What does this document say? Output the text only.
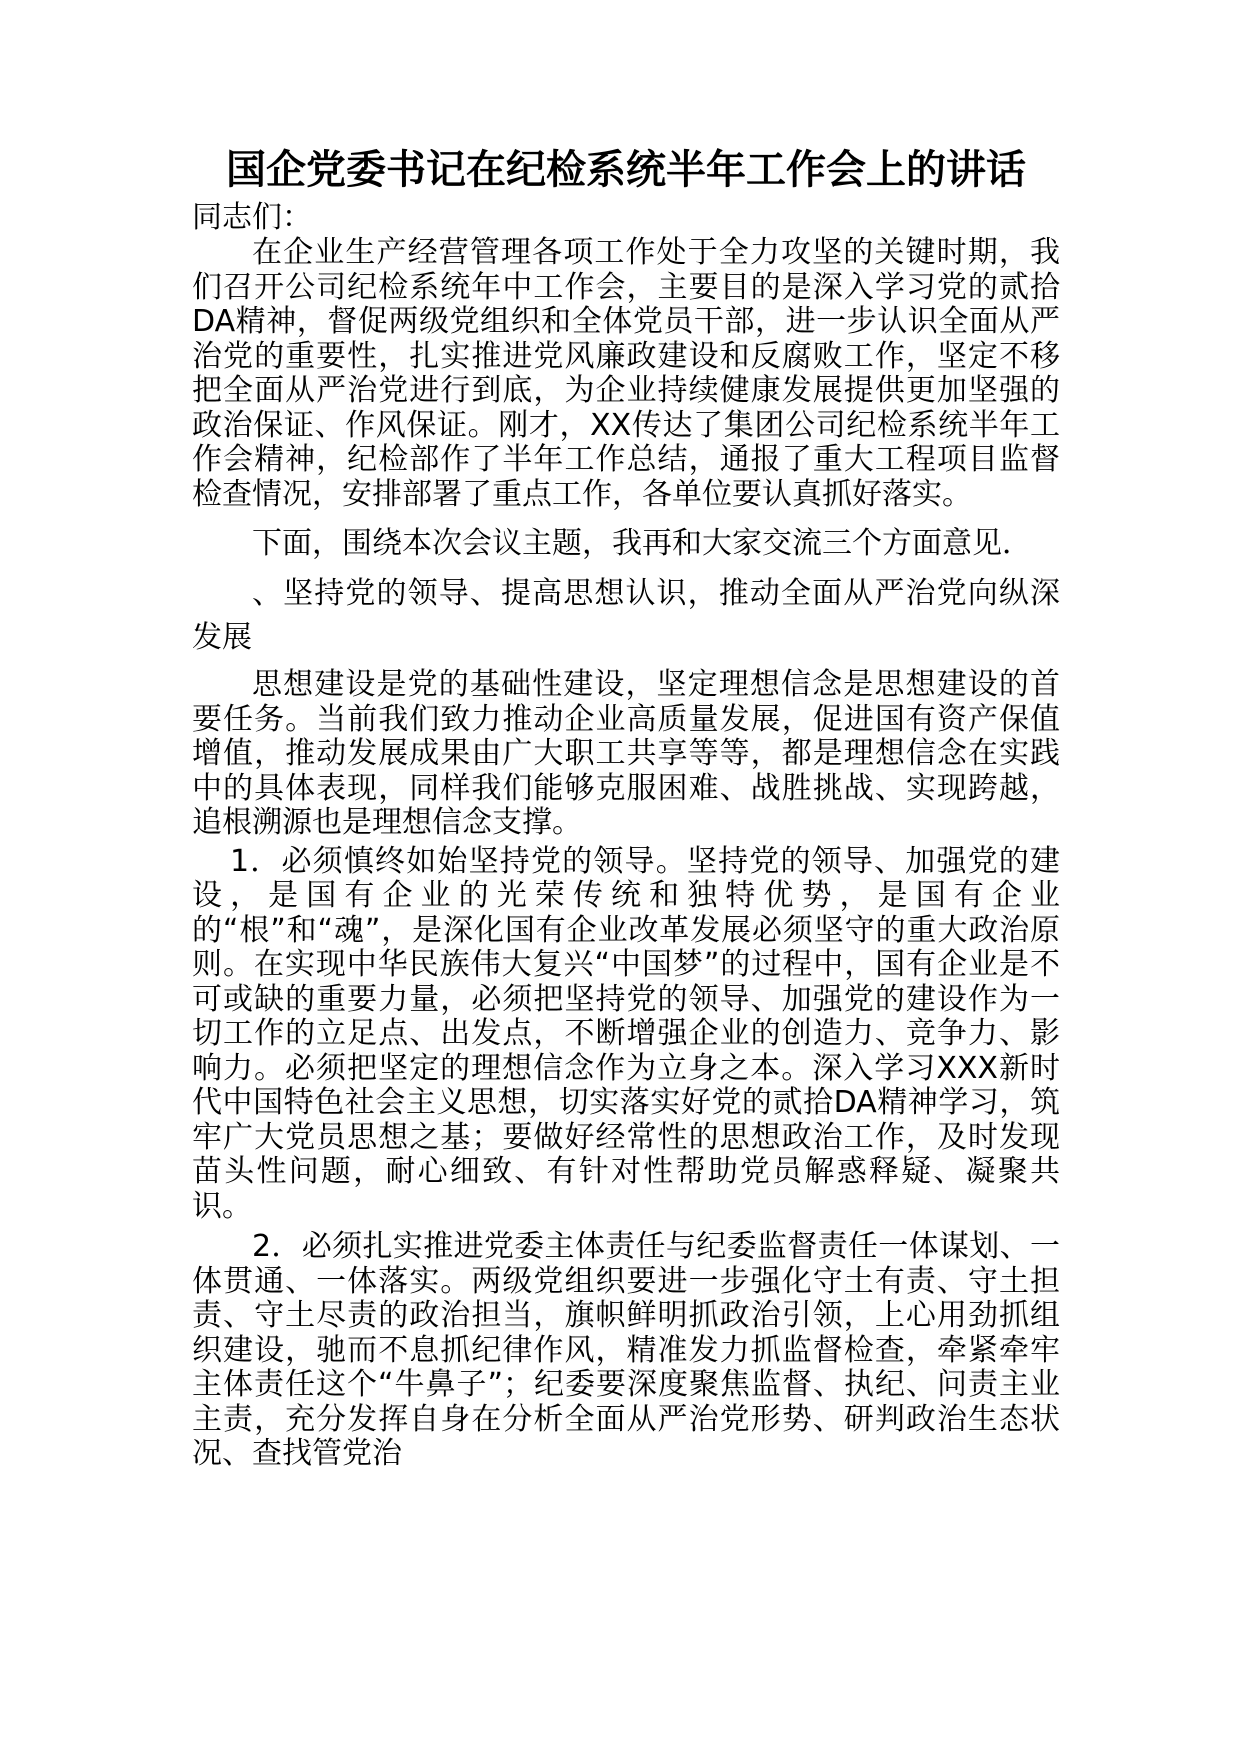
国企党委书记在纪检系统半年工作会上的讲话

同志们：

在企业生产经营管理各项工作处于全力攻坚的关键时期，我们召开公司纪检系统年中工作会，主要目的是深入学习党的贰拾DA精神，督促两级党组织和全体党员干部，进一步认识全面从严治党的重要性，扎实推进党风廉政建设和反腐败工作，坚定不移把全面从严治党进行到底，为企业持续健康发展提供更加坚强的政治保证、作风保证。刚才，XX传达了集团公司纪检系统半年工作会精神，纪检部作了半年工作总结，通报了重大工程项目监督检查情况，安排部署了重点工作，各单位要认真抓好落实。

下面，围绕本次会议主题，我再和大家交流三个方面意见．

、坚持党的领导、提高思想认识，推动全面从严治党向纵深发展

思想建设是党的基础性建设，坚定理想信念是思想建设的首要任务。当前我们致力推动企业高质量发展，促进国有资产保值增值，推动发展成果由广大职工共享等等，都是理想信念在实践中的具体表现，同样我们能够克服困难、战胜挑战、实现跨越，追根溯源也是理想信念支撑。

1．必须慎终如始坚持党的领导。坚持党的领导、加强党的建设，是国有企业的光荣传统和独特优势，是国有企业的“根”和“魂”，是深化国有企业改革发展必须坚守的重大政治原则。在实现中华民族伟大复兴“中国梦”的过程中，国有企业是不可或缺的重要力量，必须把坚持党的领导、加强党的建设作为一切工作的立足点、出发点，不断增强企业的创造力、竞争力、影响力。必须把坚定的理想信念作为立身之本。深入学习XXX新时代中国特色社会主义思想，切实落实好党的贰拾DA精神学习，筑牢广大党员思想之基；要做好经常性的思想政治工作，及时发现苗头性问题，耐心细致、有针对性帮助党员解惑释疑、凝聚共识。

2．必须扎实推进党委主体责任与纪委监督责任一体谋划、一体贯通、一体落实。两级党组织要进一步强化守土有责、守土担责、守土尽责的政治担当，旗帜鲜明抓政治引领，上心用劲抓组织建设，驰而不息抓纪律作风，精准发力抓监督检查，牵紧牵牢主体责任这个“牛鼻子”；纪委要深度聚焦监督、执纪、问责主业主责，充分发挥自身在分析全面从严治党形势、研判政治生态状况、查找管党治
